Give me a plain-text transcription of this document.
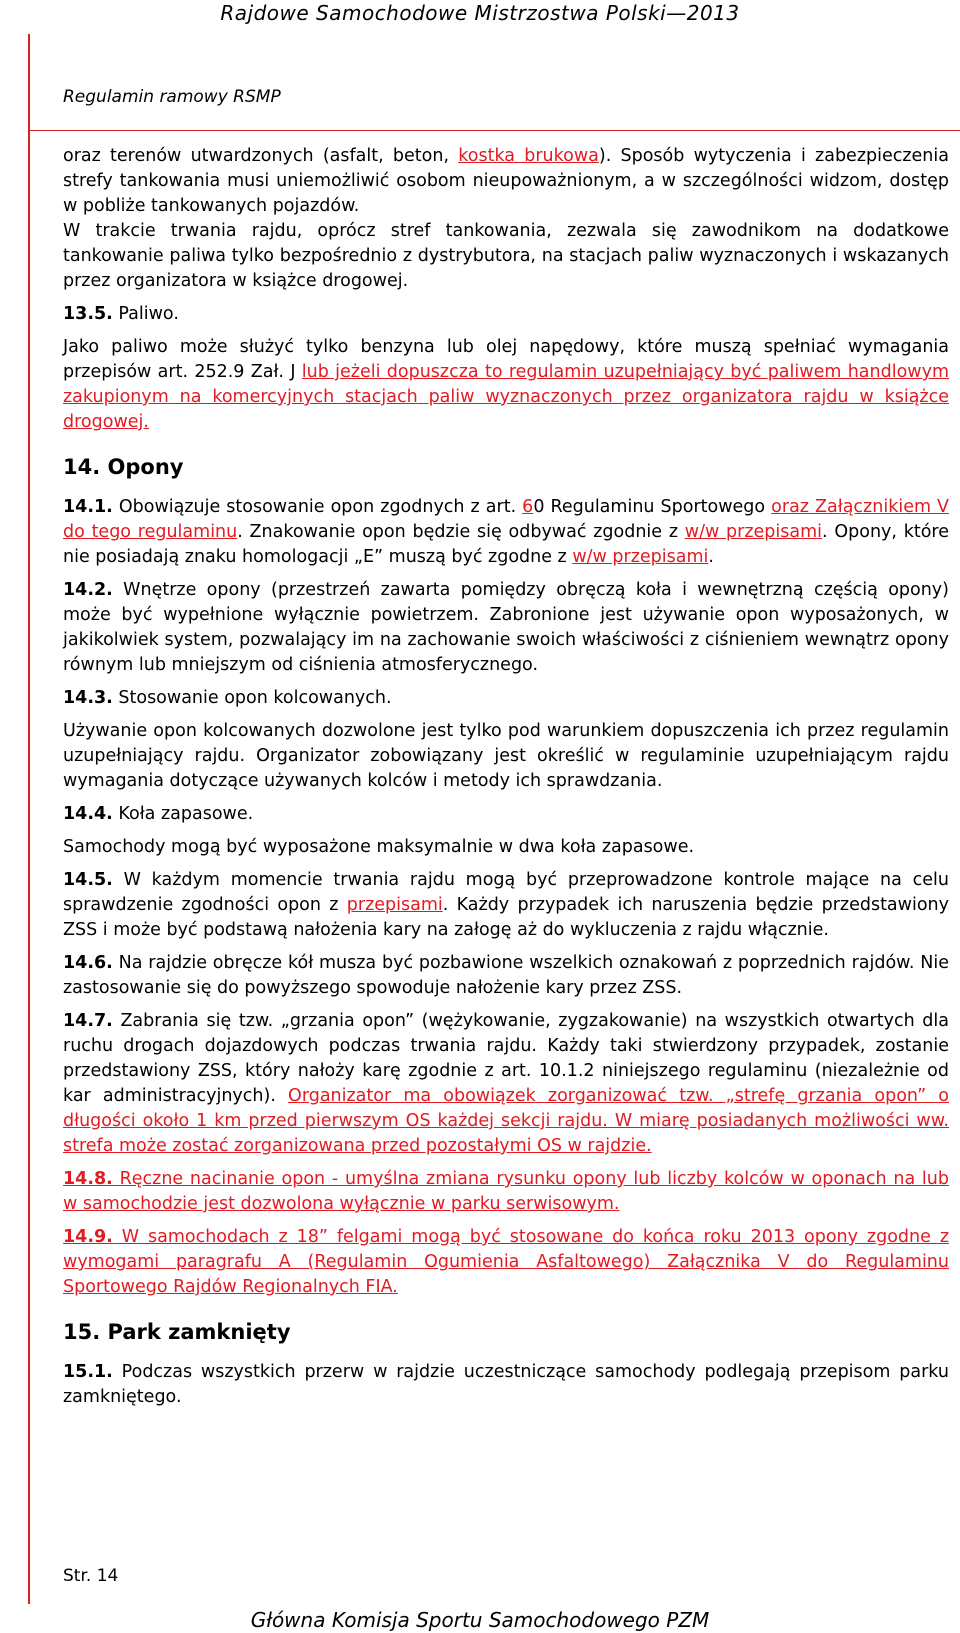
Rajdowe Samochodowe Mistrzostwa Polski—2013
Regulamin ramowy RSMP

oraz terenów utwardzonych (asfalt, beton, kostka brukowa). Sposób wytyczenia i zabezpieczenia strefy tankowania musi uniemożliwić osobom nieupoważnionym, a w szczególności widzom, dostęp w pobliże tankowanych pojazdów.

W trakcie trwania rajdu, oprócz stref tankowania, zezwala się zawodnikom na dodatkowe tankowanie paliwa tylko bezpośrednio z dystrybutora, na stacjach paliw wyznaczonych i wskazanych przez organizatora w książce drogowej.

13.5. Paliwo.

Jako paliwo może służyć tylko benzyna lub olej napędowy, które muszą spełniać wymagania przepisów art. 252.9 Zał. J lub jeżeli dopuszcza to regulamin uzupełniający być paliwem handlowym zakupionym na komercyjnych stacjach paliw wyznaczonych przez organizatora rajdu w książce drogowej.

14. Opony

14.1. Obowiązuje stosowanie opon zgodnych z art. 60 Regulaminu Sportowego oraz Załącznikiem V do tego regulaminu. Znakowanie opon będzie się odbywać zgodnie z w/w przepisami. Opony, które nie posiadają znaku homologacji „E” muszą być zgodne z w/w przepisami.

14.2. Wnętrze opony (przestrzeń zawarta pomiędzy obręczą koła i wewnętrzną częścią opony) może być wypełnione wyłącznie powietrzem. Zabronione jest używanie opon wyposażonych, w jakikolwiek system, pozwalający im na zachowanie swoich właściwości z ciśnieniem wewnątrz opony równym lub mniejszym od ciśnienia atmosferycznego.

14.3. Stosowanie opon kolcowanych.

Używanie opon kolcowanych dozwolone jest tylko pod warunkiem dopuszczenia ich przez regulamin uzupełniający rajdu. Organizator zobowiązany jest określić w regulaminie uzupełniającym rajdu wymagania dotyczące używanych kolców i metody ich sprawdzania.

14.4. Koła zapasowe.

Samochody mogą być wyposażone maksymalnie w dwa koła zapasowe.

14.5. W każdym momencie trwania rajdu mogą być przeprowadzone kontrole mające na celu sprawdzenie zgodności opon z przepisami. Każdy przypadek ich naruszenia będzie przedstawiony ZSS i może być podstawą nałożenia kary na załogę aż do wykluczenia z rajdu włącznie.

14.6. Na rajdzie obręcze kół musza być pozbawione wszelkich oznakowań z poprzednich rajdów. Nie zastosowanie się do powyższego spowoduje nałożenie kary przez ZSS.

14.7. Zabrania się tzw. „grzania opon” (wężykowanie, zygzakowanie) na wszystkich otwartych dla ruchu drogach dojazdowych podczas trwania rajdu. Każdy taki stwierdzony przypadek, zostanie przedstawiony ZSS, który nałoży karę zgodnie z art. 10.1.2 niniejszego regulaminu (niezależnie od kar administracyjnych). Organizator ma obowiązek zorganizować tzw. „strefę grzania opon” o długości około 1 km przed pierwszym OS każdej sekcji rajdu. W miarę posiadanych możliwości ww. strefa może zostać zorganizowana przed pozostałymi OS w rajdzie.

14.8. Ręczne nacinanie opon - umyślna zmiana rysunku opony lub liczby kolców w oponach na lub w samochodzie jest dozwolona wyłącznie w parku serwisowym.

14.9. W samochodach z 18” felgami mogą być stosowane do końca roku 2013 opony zgodne z wymogami paragrafu A (Regulamin Ogumienia Asfaltowego) Załącznika V do Regulaminu Sportowego Rajdów Regionalnych FIA.

15. Park zamknięty

15.1. Podczas wszystkich przerw w rajdzie uczestniczące samochody podlegają przepisom parku zamkniętego.

Str. 14
Główna Komisja Sportu Samochodowego PZM
